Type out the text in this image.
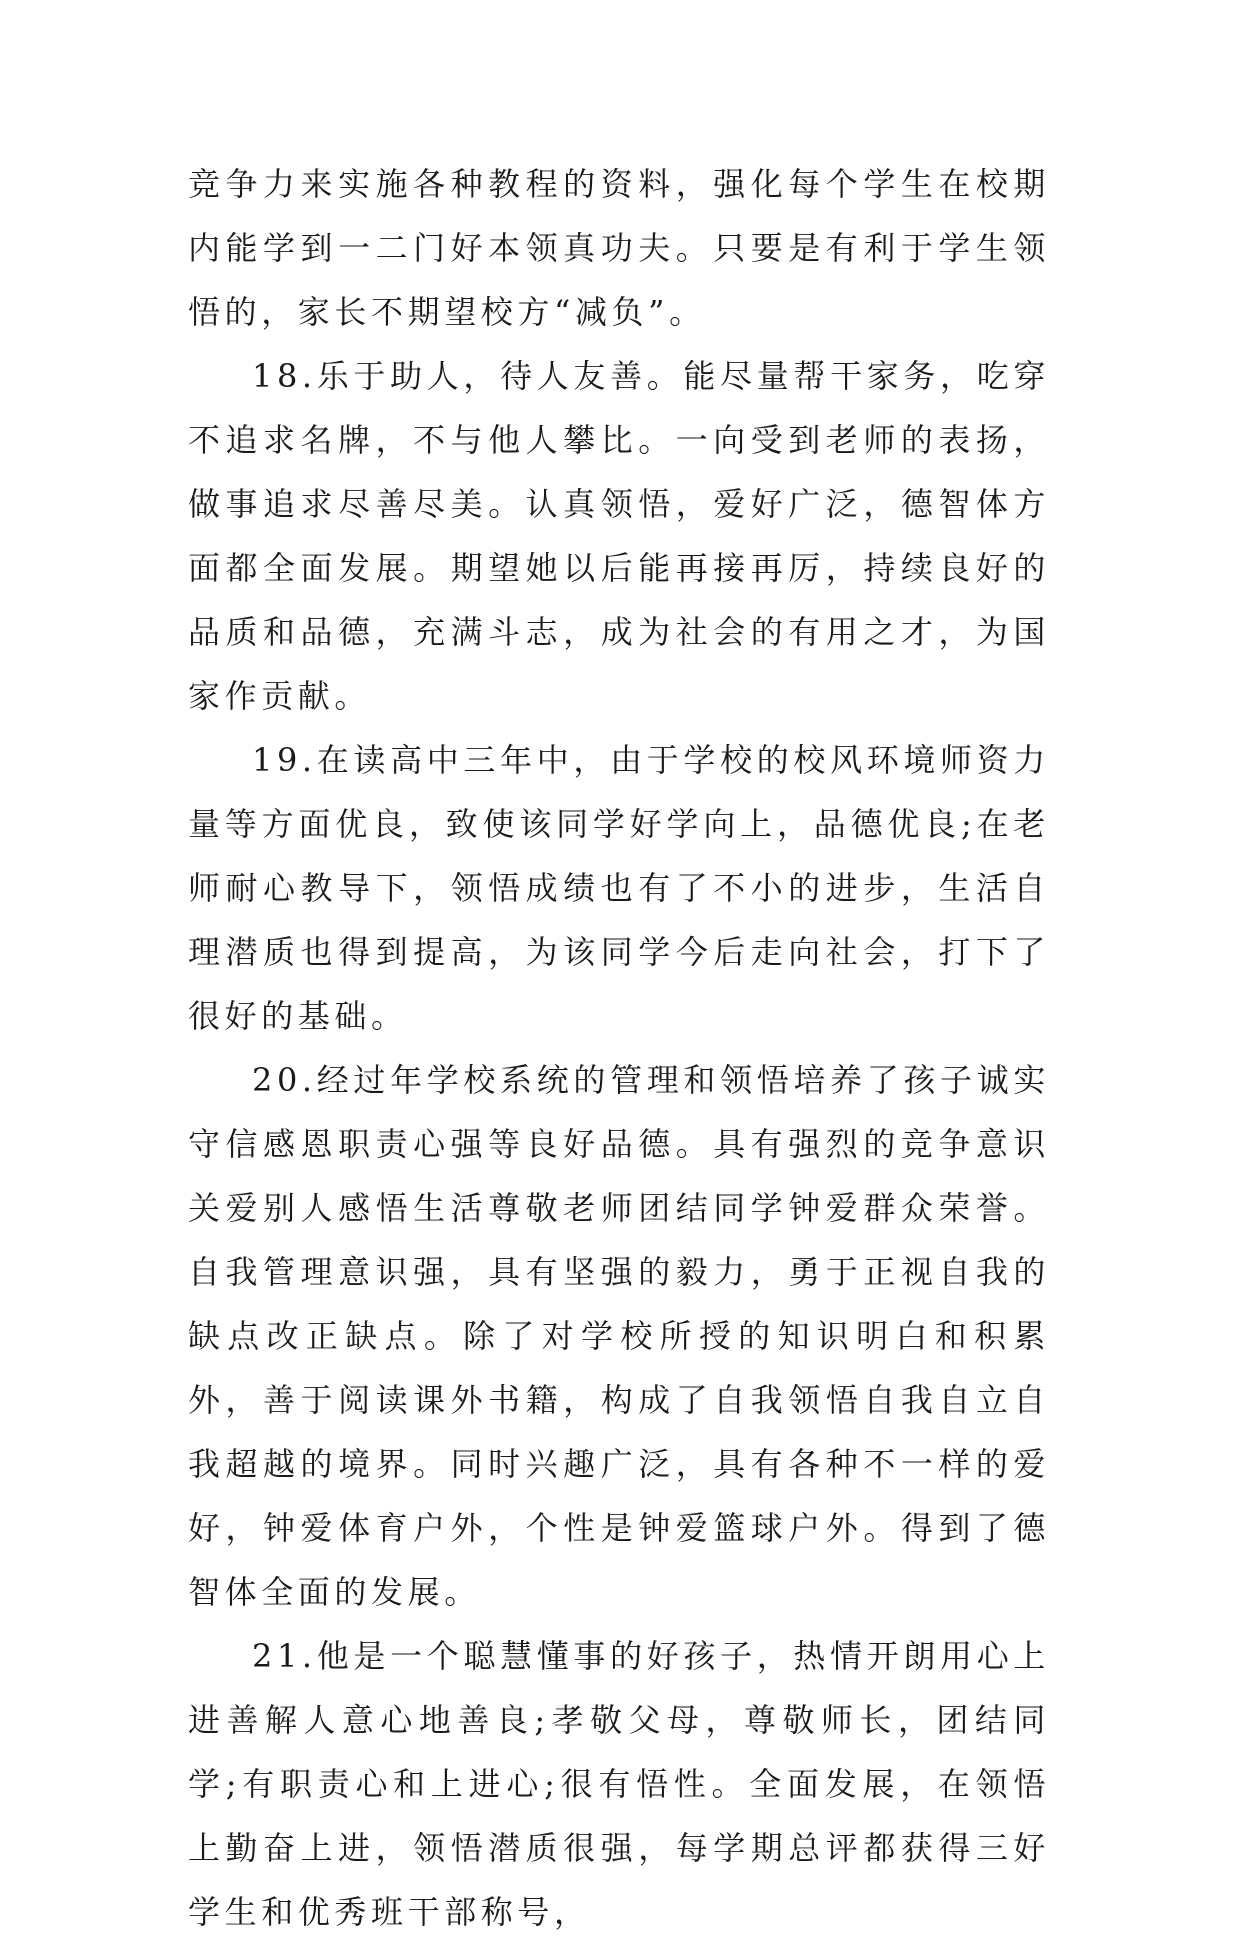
竞争力来实施各种教程的资料，强化每个学生在校期内能学到一二门好本领真功夫。只要是有利于学生领悟的，家长不期望校方“减负”。

18.乐于助人，待人友善。能尽量帮干家务，吃穿不追求名牌，不与他人攀比。一向受到老师的表扬，做事追求尽善尽美。认真领悟，爱好广泛，德智体方面都全面发展。期望她以后能再接再厉，持续良好的品质和品德，充满斗志，成为社会的有用之才，为国家作贡献。

19.在读高中三年中，由于学校的校风环境师资力量等方面优良，致使该同学好学向上，品德优良;在老师耐心教导下，领悟成绩也有了不小的进步，生活自理潜质也得到提高，为该同学今后走向社会，打下了很好的基础。

20.经过年学校系统的管理和领悟培养了孩子诚实守信感恩职责心强等良好品德。具有强烈的竞争意识关爱别人感悟生活尊敬老师团结同学钟爱群众荣誉。自我管理意识强，具有坚强的毅力，勇于正视自我的缺点改正缺点。除了对学校所授的知识明白和积累外，善于阅读课外书籍，构成了自我领悟自我自立自我超越的境界。同时兴趣广泛，具有各种不一样的爱好，钟爱体育户外，个性是钟爱篮球户外。得到了德智体全面的发展。

21.他是一个聪慧懂事的好孩子，热情开朗用心上进善解人意心地善良;孝敬父母，尊敬师长，团结同学;有职责心和上进心;很有悟性。全面发展，在领悟上勤奋上进，领悟潜质很强，每学期总评都获得三好学生和优秀班干部称号，
